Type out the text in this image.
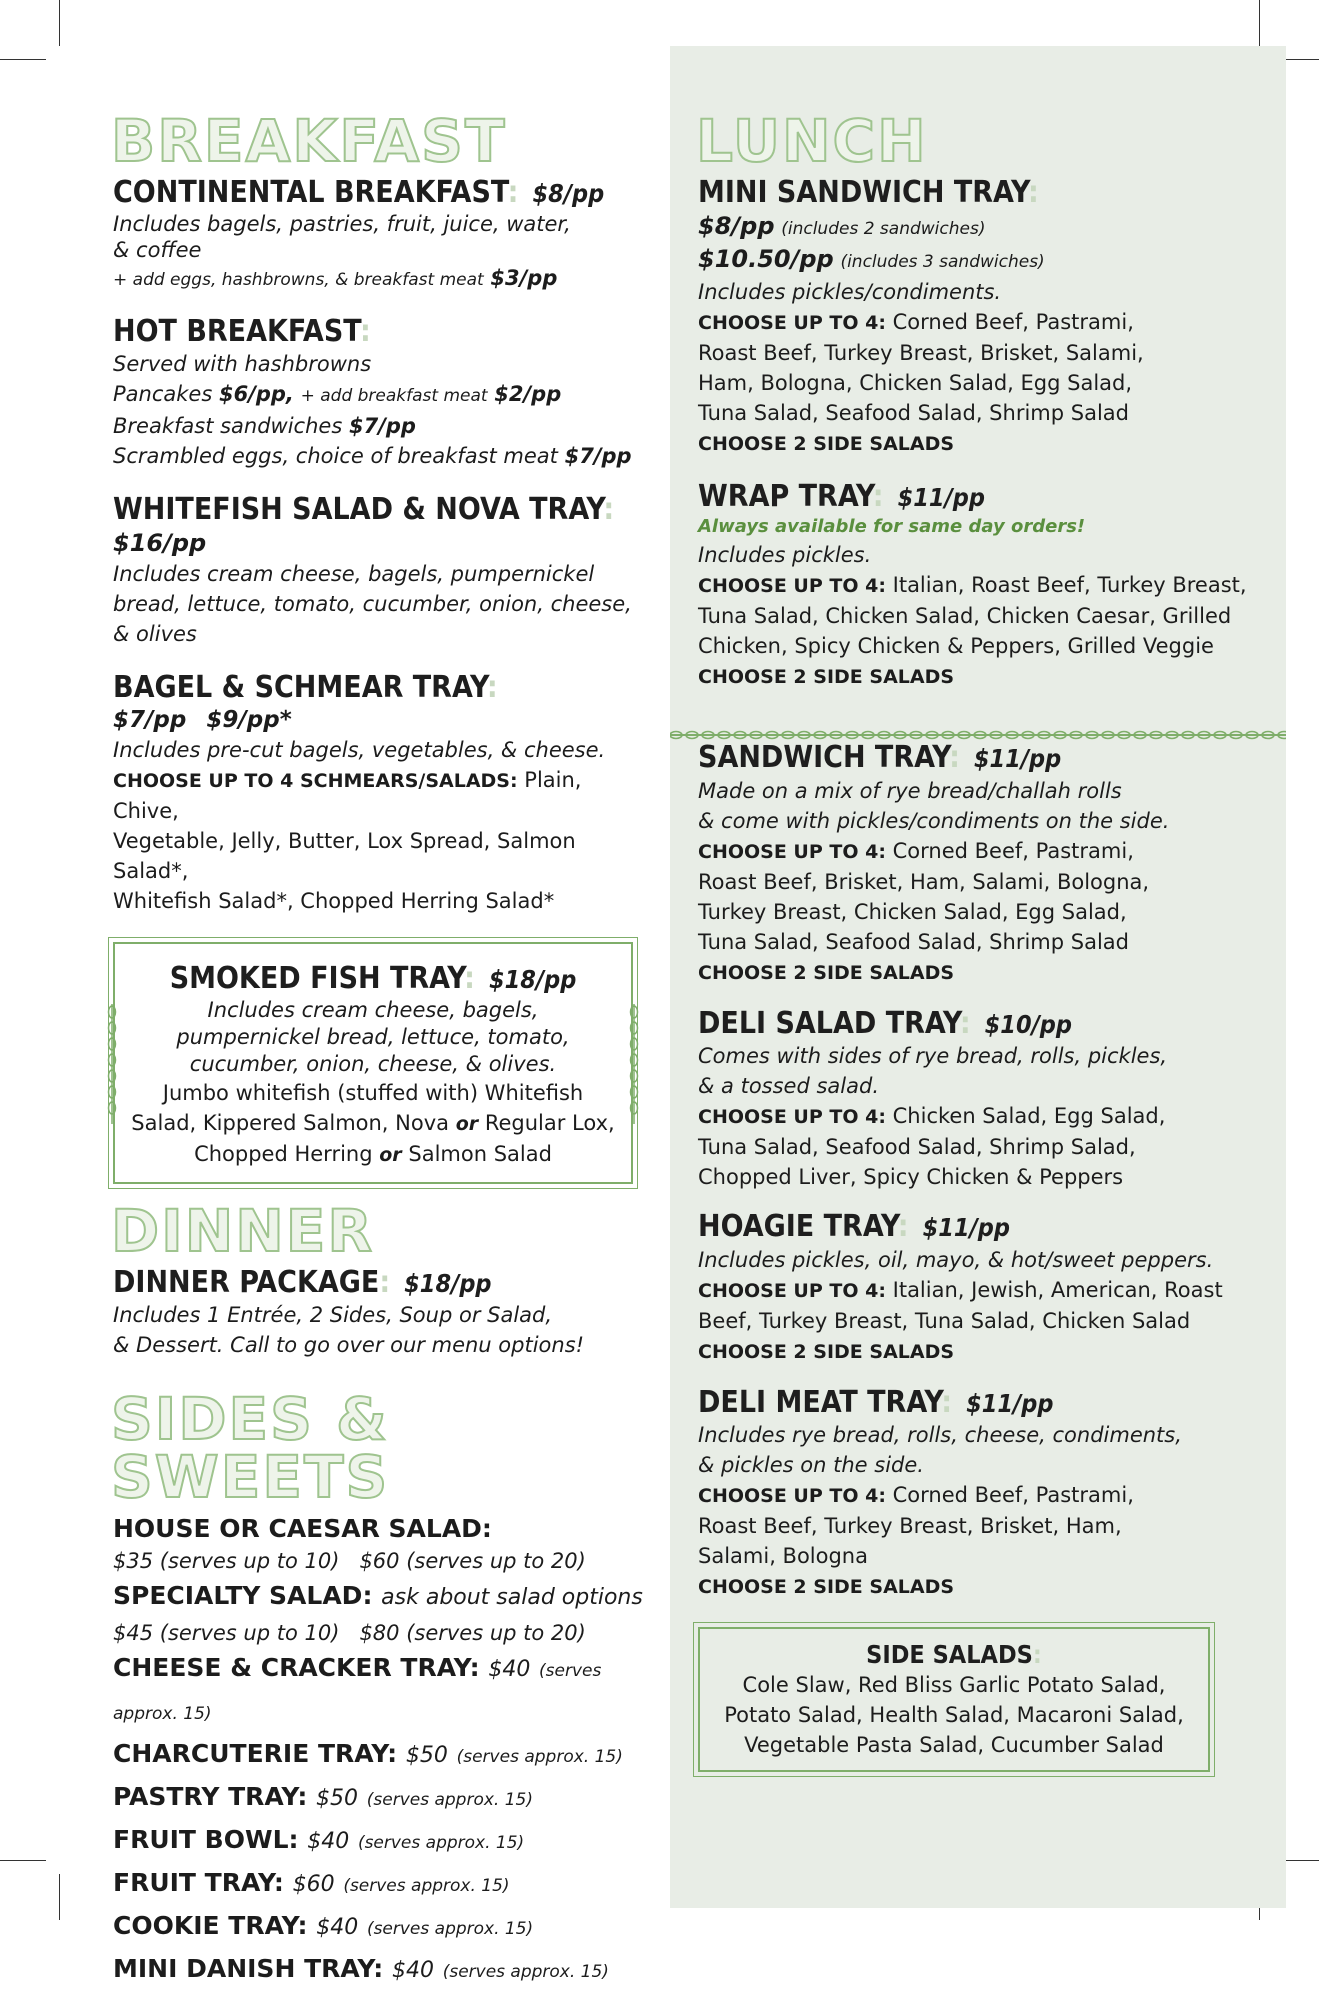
BREAKFAST

CONTINENTAL BREAKFAST: $8/pp

Includes bagels, pastries, fruit, juice, water,

& coffee

+ add eggs, hashbrowns, & breakfast meat $3/pp

HOT BREAKFAST:

Served with hashbrowns

Pancakes $6/pp, + add breakfast meat $2/pp

Breakfast sandwiches $7/pp

Scrambled eggs, choice of breakfast meat $7/pp

WHITEFISH SALAD & NOVA TRAY:

$16/pp

Includes cream cheese, bagels, pumpernickel

bread, lettuce, tomato, cucumber, onion, cheese,

& olives

BAGEL & SCHMEAR TRAY:

$7/pp $9/pp*

Includes pre-cut bagels, vegetables, & cheese.

CHOOSE UP TO 4 SCHMEARS/SALADS: Plain, Chive,

Vegetable, Jelly, Butter, Lox Spread, Salmon Salad*,

Whitefish Salad*, Chopped Herring Salad*

SMOKED FISH TRAY: $18/pp

Includes cream cheese, bagels,

pumpernickel bread, lettuce, tomato,

cucumber, onion, cheese, & olives.

Jumbo whitefish (stuffed with) Whitefish

Salad, Kippered Salmon, Nova or Regular Lox,

Chopped Herring or Salmon Salad

DINNER

DINNER PACKAGE: $18/pp

Includes 1 Entrée, 2 Sides, Soup or Salad,

& Dessert. Call to go over our menu options!

SIDES & SWEETS

HOUSE OR CAESAR SALAD:

$35 (serves up to 10) $60 (serves up to 20)

SPECIALTY SALAD: ask about salad options

$45 (serves up to 10) $80 (serves up to 20)

CHEESE & CRACKER TRAY: $40 (serves approx. 15)

CHARCUTERIE TRAY: $50 (serves approx. 15)

PASTRY TRAY: $50 (serves approx. 15)

FRUIT BOWL: $40 (serves approx. 15)

FRUIT TRAY: $60 (serves approx. 15)

COOKIE TRAY: $40 (serves approx. 15)

MINI DANISH TRAY: $40 (serves approx. 15)

LUNCH

MINI SANDWICH TRAY:

$8/pp (includes 2 sandwiches)

$10.50/pp (includes 3 sandwiches)

Includes pickles/condiments.

CHOOSE UP TO 4: Corned Beef, Pastrami,

Roast Beef, Turkey Breast, Brisket, Salami,

Ham, Bologna, Chicken Salad, Egg Salad,

Tuna Salad, Seafood Salad, Shrimp Salad

CHOOSE 2 SIDE SALADS

WRAP TRAY: $11/pp

Always available for same day orders!

Includes pickles.

CHOOSE UP TO 4: Italian, Roast Beef, Turkey Breast,

Tuna Salad, Chicken Salad, Chicken Caesar, Grilled

Chicken, Spicy Chicken & Peppers, Grilled Veggie

CHOOSE 2 SIDE SALADS

SANDWICH TRAY: $11/pp

Made on a mix of rye bread/challah rolls

& come with pickles/condiments on the side.

CHOOSE UP TO 4: Corned Beef, Pastrami,

Roast Beef, Brisket, Ham, Salami, Bologna,

Turkey Breast, Chicken Salad, Egg Salad,

Tuna Salad, Seafood Salad, Shrimp Salad

CHOOSE 2 SIDE SALADS

DELI SALAD TRAY: $10/pp

Comes with sides of rye bread, rolls, pickles,

& a tossed salad.

CHOOSE UP TO 4: Chicken Salad, Egg Salad,

Tuna Salad, Seafood Salad, Shrimp Salad,

Chopped Liver, Spicy Chicken & Peppers

HOAGIE TRAY: $11/pp

Includes pickles, oil, mayo, & hot/sweet peppers.

CHOOSE UP TO 4: Italian, Jewish, American, Roast

Beef, Turkey Breast, Tuna Salad, Chicken Salad

CHOOSE 2 SIDE SALADS

DELI MEAT TRAY: $11/pp

Includes rye bread, rolls, cheese, condiments,

& pickles on the side.

CHOOSE UP TO 4: Corned Beef, Pastrami,

Roast Beef, Turkey Breast, Brisket, Ham,

Salami, Bologna

CHOOSE 2 SIDE SALADS

SIDE SALADS:

Cole Slaw, Red Bliss Garlic Potato Salad,

Potato Salad, Health Salad, Macaroni Salad,

Vegetable Pasta Salad, Cucumber Salad
